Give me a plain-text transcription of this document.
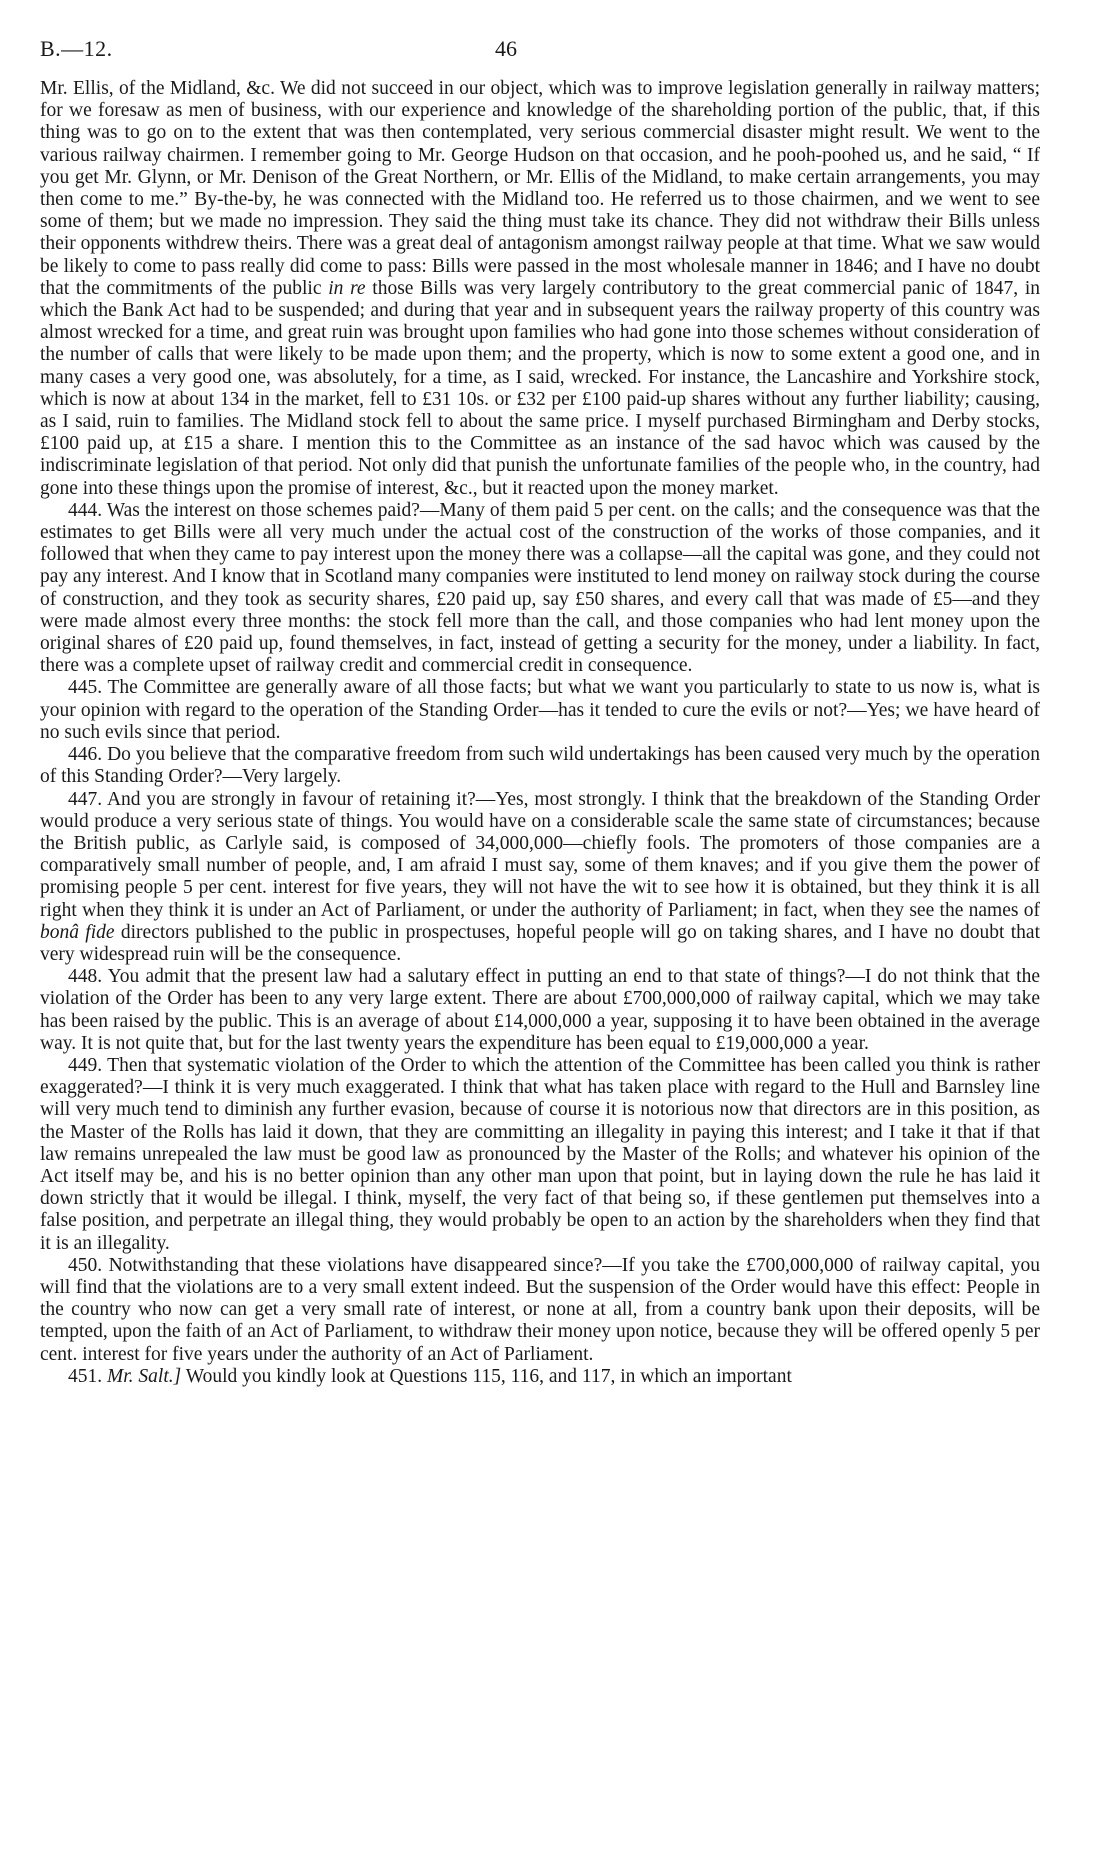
B.—12.	46

Mr. Ellis, of the Midland, &c. We did not succeed in our object, which was to improve legislation generally in railway matters; for we foresaw as men of business, with our experience and knowledge of the shareholding portion of the public, that, if this thing was to go on to the extent that was then contemplated, very serious commercial disaster might result. We went to the various railway chairmen. I remember going to Mr. George Hudson on that occasion, and he pooh-poohed us, and he said, “ If you get Mr. Glynn, or Mr. Denison of the Great Northern, or Mr. Ellis of the Midland, to make certain arrangements, you may then come to me.” By-the-by, he was connected with the Midland too. He referred us to those chairmen, and we went to see some of them; but we made no impression. They said the thing must take its chance. They did not withdraw their Bills unless their opponents withdrew theirs. There was a great deal of antagonism amongst railway people at that time. What we saw would be likely to come to pass really did come to pass: Bills were passed in the most wholesale manner in 1846; and I have no doubt that the commitments of the public in re those Bills was very largely contributory to the great commercial panic of 1847, in which the Bank Act had to be suspended; and during that year and in subsequent years the railway property of this country was almost wrecked for a time, and great ruin was brought upon families who had gone into those schemes without consideration of the number of calls that were likely to be made upon them; and the property, which is now to some extent a good one, and in many cases a very good one, was absolutely, for a time, as I said, wrecked. For instance, the Lancashire and Yorkshire stock, which is now at about 134 in the market, fell to £31 10s. or £32 per £100 paid-up shares without any further liability; causing, as I said, ruin to families. The Midland stock fell to about the same price. I myself purchased Birmingham and Derby stocks, £100 paid up, at £15 a share. I mention this to the Committee as an instance of the sad havoc which was caused by the indiscriminate legislation of that period. Not only did that punish the unfortunate families of the people who, in the country, had gone into these things upon the promise of interest, &c., but it reacted upon the money market.

444. Was the interest on those schemes paid?—Many of them paid 5 per cent. on the calls; and the consequence was that the estimates to get Bills were all very much under the actual cost of the construction of the works of those companies, and it followed that when they came to pay interest upon the money there was a collapse—all the capital was gone, and they could not pay any interest. And I know that in Scotland many companies were instituted to lend money on railway stock during the course of construction, and they took as security shares, £20 paid up, say £50 shares, and every call that was made of £5—and they were made almost every three months: the stock fell more than the call, and those companies who had lent money upon the original shares of £20 paid up, found themselves, in fact, instead of getting a security for the money, under a liability. In fact, there was a complete upset of railway credit and commercial credit in consequence.

445. The Committee are generally aware of all those facts; but what we want you particularly to state to us now is, what is your opinion with regard to the operation of the Standing Order—has it tended to cure the evils or not?—Yes; we have heard of no such evils since that period.

446. Do you believe that the comparative freedom from such wild undertakings has been caused very much by the operation of this Standing Order?—Very largely.

447. And you are strongly in favour of retaining it?—Yes, most strongly. I think that the breakdown of the Standing Order would produce a very serious state of things. You would have on a considerable scale the same state of circumstances; because the British public, as Carlyle said, is composed of 34,000,000—chiefly fools. The promoters of those companies are a comparatively small number of people, and, I am afraid I must say, some of them knaves; and if you give them the power of promising people 5 per cent. interest for five years, they will not have the wit to see how it is obtained, but they think it is all right when they think it is under an Act of Parliament, or under the authority of Parliament; in fact, when they see the names of bonâ fide directors published to the public in prospectuses, hopeful people will go on taking shares, and I have no doubt that very widespread ruin will be the consequence.

448. You admit that the present law had a salutary effect in putting an end to that state of things?—I do not think that the violation of the Order has been to any very large extent. There are about £700,000,000 of railway capital, which we may take has been raised by the public. This is an average of about £14,000,000 a year, supposing it to have been obtained in the average way. It is not quite that, but for the last twenty years the expenditure has been equal to £19,000,000 a year.

449. Then that systematic violation of the Order to which the attention of the Committee has been called you think is rather exaggerated?—I think it is very much exaggerated. I think that what has taken place with regard to the Hull and Barnsley line will very much tend to diminish any further evasion, because of course it is notorious now that directors are in this position, as the Master of the Rolls has laid it down, that they are committing an illegality in paying this interest; and I take it that if that law remains unrepealed the law must be good law as pronounced by the Master of the Rolls; and whatever his opinion of the Act itself may be, and his is no better opinion than any other man upon that point, but in laying down the rule he has laid it down strictly that it would be illegal. I think, myself, the very fact of that being so, if these gentlemen put themselves into a false position, and perpetrate an illegal thing, they would probably be open to an action by the shareholders when they find that it is an illegality.

450. Notwithstanding that these violations have disappeared since?—If you take the £700,000,000 of railway capital, you will find that the violations are to a very small extent indeed. But the suspension of the Order would have this effect: People in the country who now can get a very small rate of interest, or none at all, from a country bank upon their deposits, will be tempted, upon the faith of an Act of Parliament, to withdraw their money upon notice, because they will be offered openly 5 per cent. interest for five years under the authority of an Act of Parliament.

451. Mr. Salt.] Would you kindly look at Questions 115, 116, and 117, in which an important
